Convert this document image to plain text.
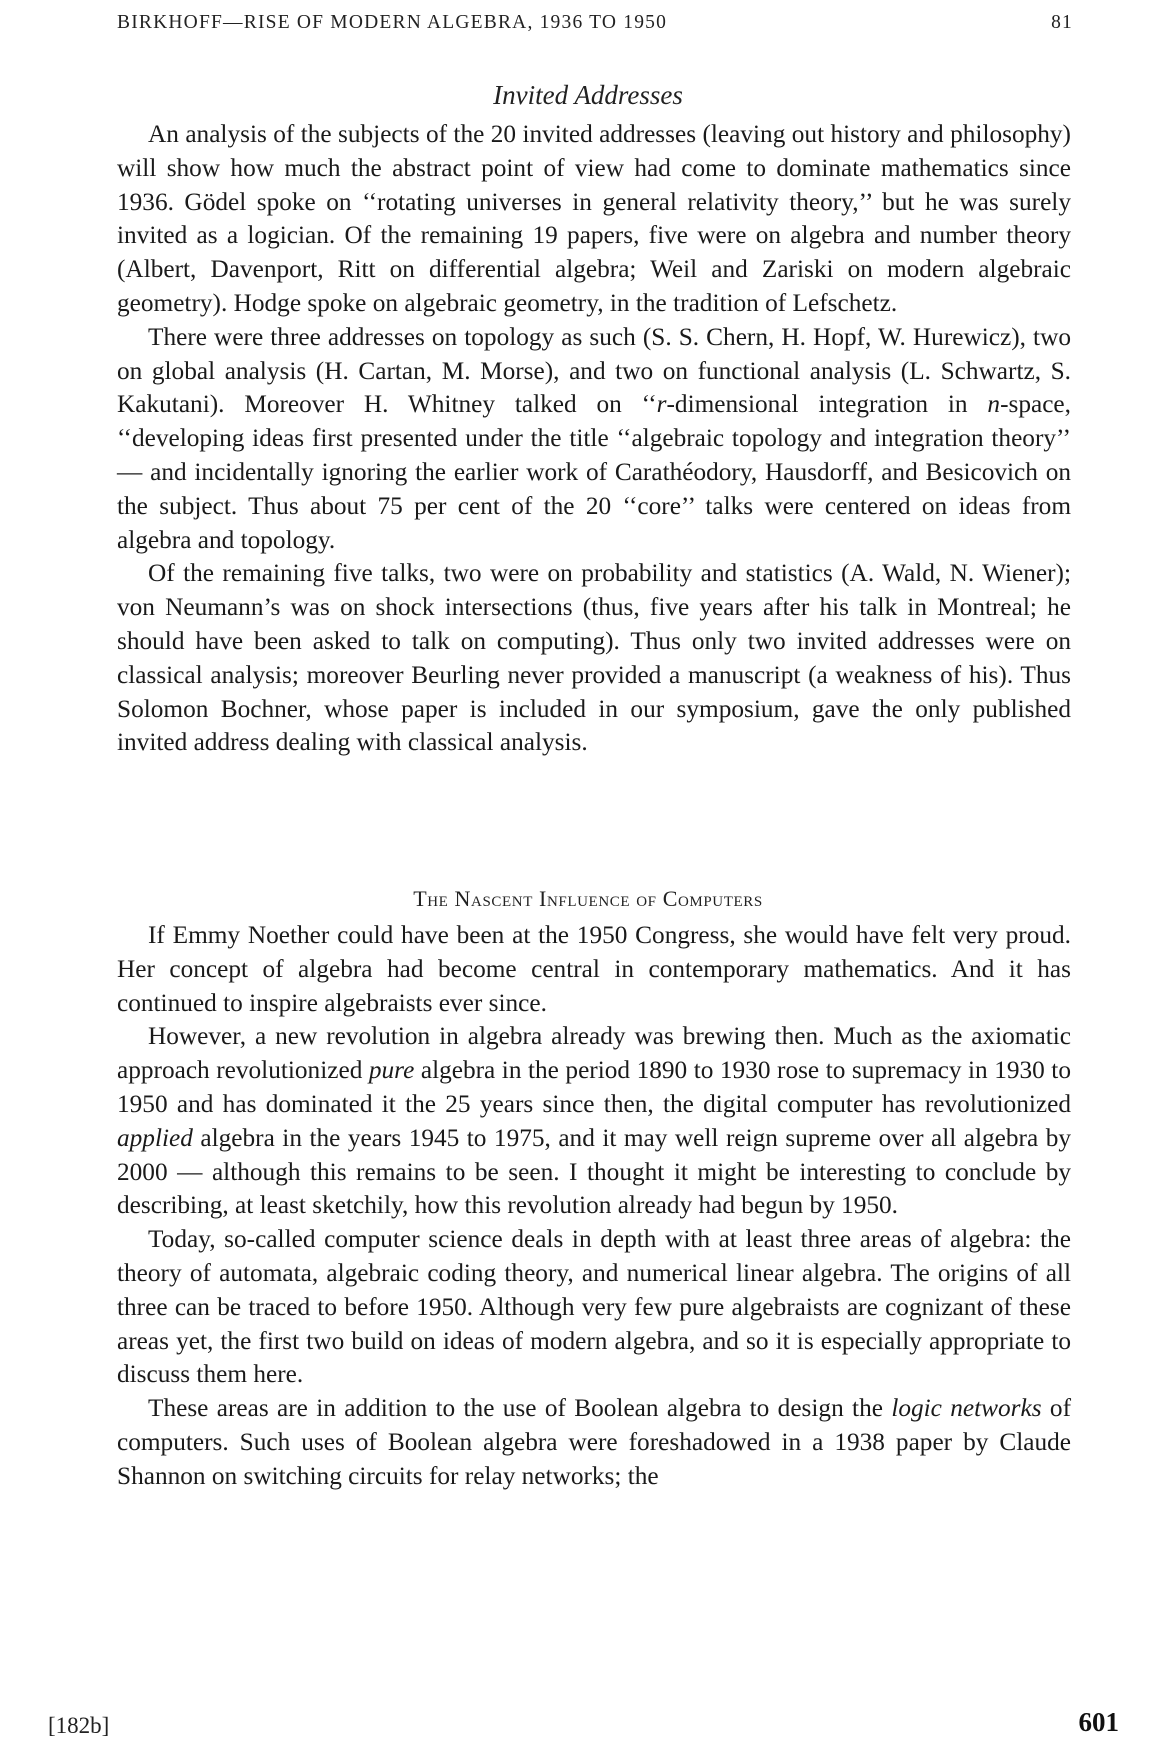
BIRKHOFF—RISE OF MODERN ALGEBRA, 1936 TO 1950	81
Invited Addresses

An analysis of the subjects of the 20 invited addresses (leaving out history and philosophy) will show how much the abstract point of view had come to dominate mathematics since 1936. Gödel spoke on ‘‘rotating universes in general relativity theory,’’ but he was surely invited as a logician. Of the remaining 19 papers, five were on algebra and number theory (Albert, Davenport, Ritt on differential algebra; Weil and Zariski on modern algebraic geometry). Hodge spoke on algebraic geometry, in the tradition of Lefschetz.

There were three addresses on topology as such (S. S. Chern, H. Hopf, W. Hurewicz), two on global analysis (H. Cartan, M. Morse), and two on functional analysis (L. Schwartz, S. Kakutani). Moreover H. Whitney talked on ‘‘r-dimensional integration in n-space, ‘‘developing ideas first presented under the title ‘‘algebraic topology and integration theory’’ — and incidentally ignoring the earlier work of Carathéodory, Hausdorff, and Besicovich on the subject. Thus about 75 per cent of the 20 ‘‘core’’ talks were centered on ideas from algebra and topology.

Of the remaining five talks, two were on probability and statistics (A. Wald, N. Wiener); von Neumann’s was on shock intersections (thus, five years after his talk in Montreal; he should have been asked to talk on computing). Thus only two invited addresses were on classical analysis; moreover Beurling never provided a manuscript (a weakness of his). Thus Solomon Bochner, whose paper is included in our symposium, gave the only published invited address dealing with classical analysis.

The Nascent Influence of Computers

If Emmy Noether could have been at the 1950 Congress, she would have felt very proud. Her concept of algebra had become central in contemporary mathematics. And it has continued to inspire algebraists ever since.

However, a new revolution in algebra already was brewing then. Much as the axiomatic approach revolutionized pure algebra in the period 1890 to 1930 rose to supremacy in 1930 to 1950 and has dominated it the 25 years since then, the digital computer has revolutionized applied algebra in the years 1945 to 1975, and it may well reign supreme over all algebra by 2000 — although this remains to be seen. I thought it might be interesting to conclude by describing, at least sketchily, how this revolution already had begun by 1950.

Today, so-called computer science deals in depth with at least three areas of algebra: the theory of automata, algebraic coding theory, and numerical linear algebra. The origins of all three can be traced to before 1950. Although very few pure algebraists are cognizant of these areas yet, the first two build on ideas of modern algebra, and so it is especially appropriate to discuss them here.

These areas are in addition to the use of Boolean algebra to design the logic networks of computers. Such uses of Boolean algebra were foreshadowed in a 1938 paper by Claude Shannon on switching circuits for relay networks; the

[182b]	601
